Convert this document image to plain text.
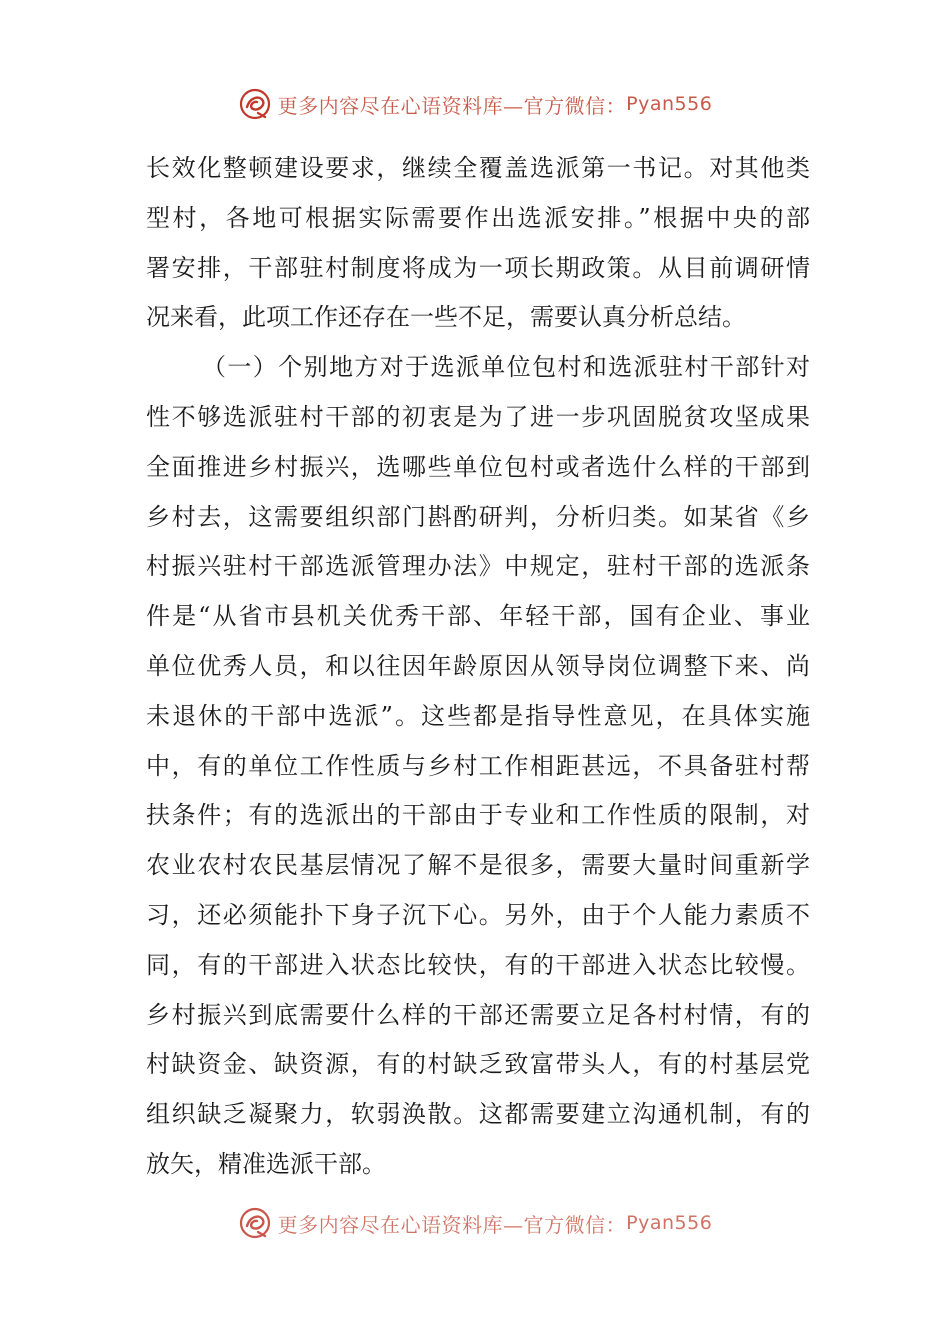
更多内容尽在心语资料库—官方微信： Pyan556
长效化整顿建设要求，继续全覆盖选派第一书记。对其他类
型村，各地可根据实际需要作出选派安排。”根据中央的部
署安排，干部驻村制度将成为一项长期政策。从目前调研情
况来看，此项工作还存在一些不足，需要认真分析总结。
（一）个别地方对于选派单位包村和选派驻村干部针对
性不够选派驻村干部的初衷是为了进一步巩固脱贫攻坚成果
全面推进乡村振兴，选哪些单位包村或者选什么样的干部到
乡村去，这需要组织部门斟酌研判，分析归类。如某省《乡
村振兴驻村干部选派管理办法》中规定，驻村干部的选派条
件是“从省市县机关优秀干部、年轻干部，国有企业、事业
单位优秀人员，和以往因年龄原因从领导岗位调整下来、尚
未退休的干部中选派”。这些都是指导性意见，在具体实施
中，有的单位工作性质与乡村工作相距甚远，不具备驻村帮
扶条件；有的选派出的干部由于专业和工作性质的限制，对
农业农村农民基层情况了解不是很多，需要大量时间重新学
习，还必须能扑下身子沉下心。另外，由于个人能力素质不
同，有的干部进入状态比较快，有的干部进入状态比较慢。
乡村振兴到底需要什么样的干部还需要立足各村村情，有的
村缺资金、缺资源，有的村缺乏致富带头人，有的村基层党
组织缺乏凝聚力，软弱涣散。这都需要建立沟通机制，有的
放矢，精准选派干部。
更多内容尽在心语资料库—官方微信： Pyan556
